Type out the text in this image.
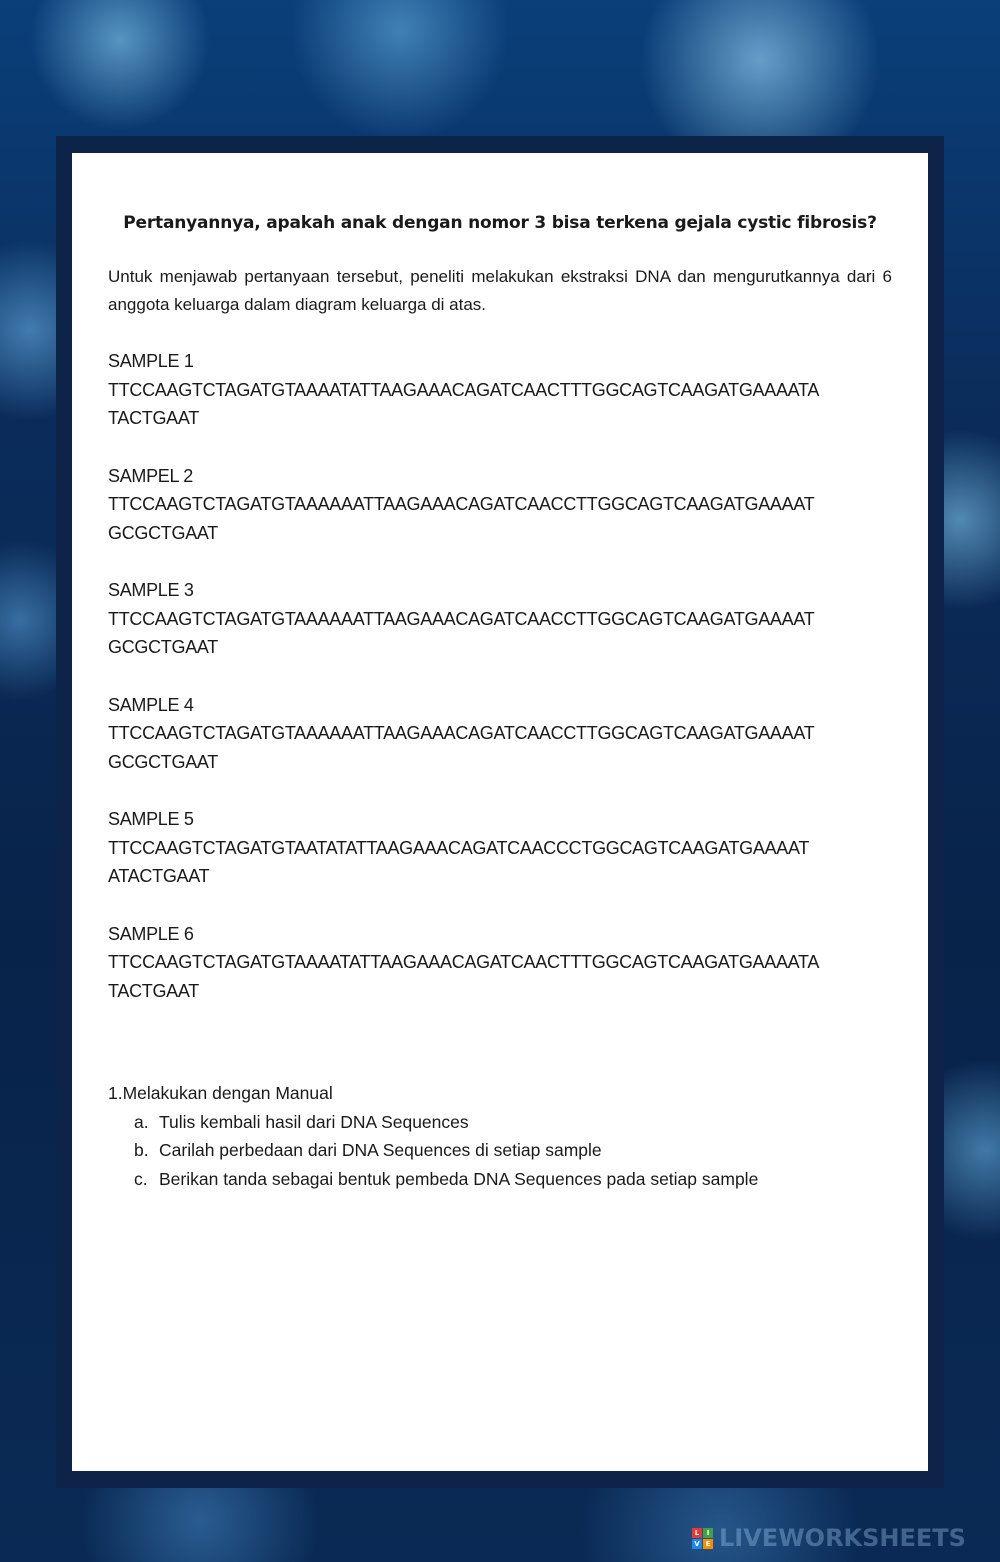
Pertanyannya, apakah anak dengan nomor 3 bisa terkena gejala cystic fibrosis?

Untuk menjawab pertanyaan tersebut, peneliti melakukan ekstraksi DNA dan mengurutkannya dari 6 anggota keluarga dalam diagram keluarga di atas.

SAMPLE 1
TTCCAAGTCTAGATGTAAAATATTAAGAAACAGATCAACTTTGGCAGTCAAGATGAAAATA
TACTGAAT
SAMPEL 2
TTCCAAGTCTAGATGTAAAAAATTAAGAAACAGATCAACCTTGGCAGTCAAGATGAAAAT
GCGCTGAAT
SAMPLE 3
TTCCAAGTCTAGATGTAAAAAATTAAGAAACAGATCAACCTTGGCAGTCAAGATGAAAAT
GCGCTGAAT
SAMPLE 4
TTCCAAGTCTAGATGTAAAAAATTAAGAAACAGATCAACCTTGGCAGTCAAGATGAAAAT
GCGCTGAAT
SAMPLE 5
TTCCAAGTCTAGATGTAATATATTAAGAAACAGATCAACCCTGGCAGTCAAGATGAAAAT
ATACTGAAT
SAMPLE 6
TTCCAAGTCTAGATGTAAAATATTAAGAAACAGATCAACTTTGGCAGTCAAGATGAAAATA
TACTGAAT
1.Melakukan dengan Manual
a. Tulis kembali hasil dari DNA Sequences
b. Carilah perbedaan dari DNA Sequences di setiap sample
c. Berikan tanda sebagai bentuk pembeda DNA Sequences pada setiap sample
L	I
V E LIVEWORKSHEETS
